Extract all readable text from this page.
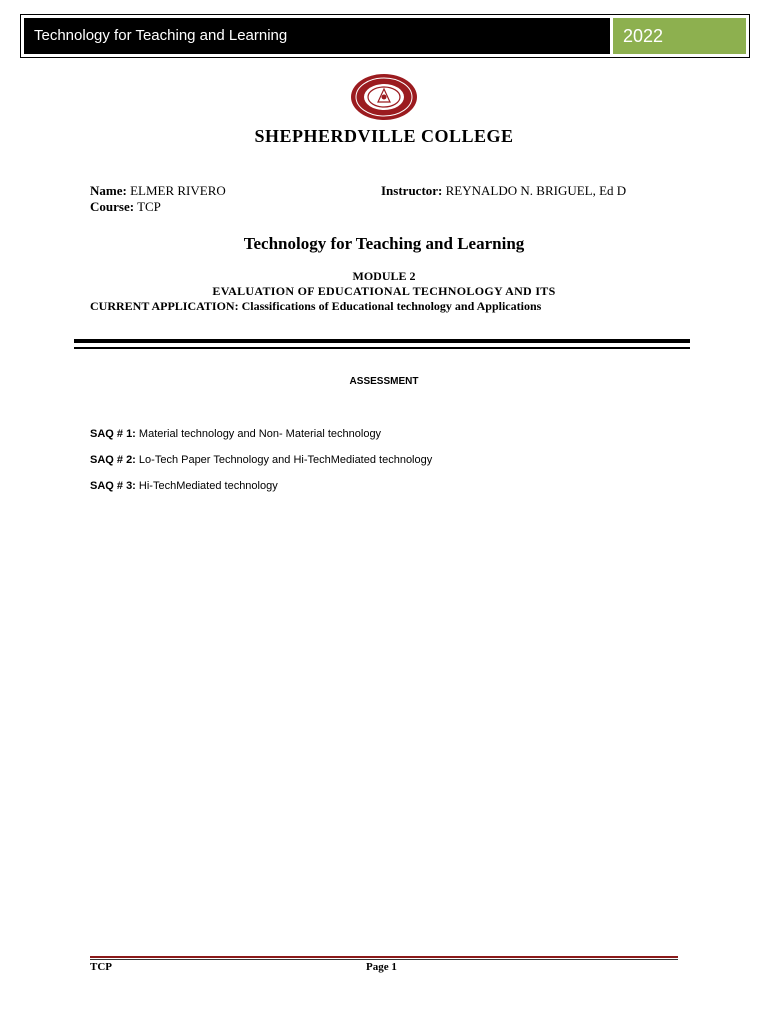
Technology for Teaching and Learning	2022
SHEPHERDVILLE COLLEGE
Name: ELMER RIVERO	Instructor: REYNALDO N. BRIGUEL, Ed D
Course: TCP
Technology for Teaching and Learning
MODULE 2
EVALUATION OF EDUCATIONAL TECHNOLOGY AND ITS
CURRENT APPLICATION: Classifications of Educational technology and Applications
ASSESSMENT
SAQ # 1: Material technology and Non- Material technology
SAQ # 2: Lo-Tech Paper Technology and Hi-TechMediated technology
SAQ # 3: Hi-TechMediated technology
TCP	Page 1
